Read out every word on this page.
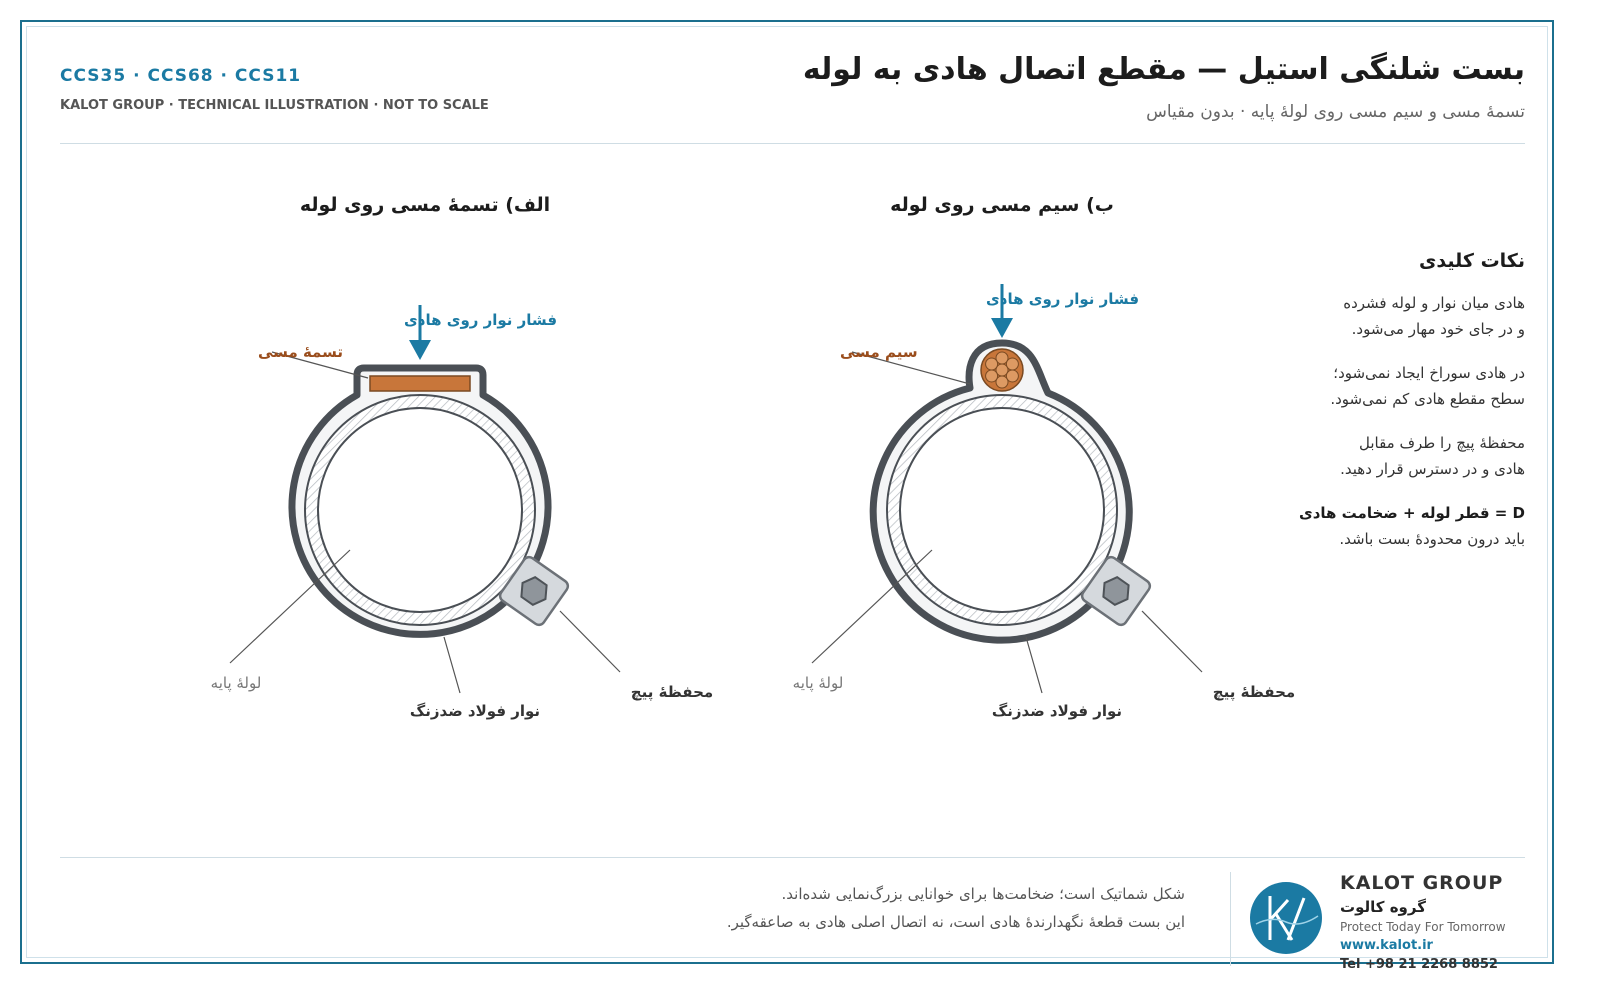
بست شلنگی استیل — مقطع اتصال هادی به لوله
تسمهٔ مسی و سیم مسی روی لولهٔ پایه · بدون مقیاس
CCS35 · CCS68 · CCS11
KALOT GROUP · TECHNICAL ILLUSTRATION · NOT TO SCALE
الف) تسمهٔ مسی روی لوله
فشار نوار روی هادی
تسمهٔ مسی
لولهٔ پایه
نوار فولاد ضدزنگ
محفظهٔ پیچ
ب) سیم مسی روی لوله
فشار نوار روی هادی
سیم مسی
لولهٔ پایه
نوار فولاد ضدزنگ
محفظهٔ پیچ
نکات کلیدی

هادی میان نوار و لوله فشرده
و در جای خود مهار می‌شود.

در هادی سوراخ ایجاد نمی‌شود؛
سطح مقطع هادی کم نمی‌شود.

محفظهٔ پیچ را طرف مقابل
هادی و در دسترس قرار دهید.

D = قطر لوله + ضخامت هادی
باید درون محدودهٔ بست باشد.

شکل شماتیک است؛ ضخامت‌ها برای خوانایی بزرگ‌نمایی شده‌اند.
این بست قطعهٔ نگهدارندهٔ هادی است، نه اتصال اصلی هادی به صاعقه‌گیر.
KALOT GROUP
گروه کالوت
Protect Today For Tomorrow
www.kalot.ir
Tel +98 21 2268 8852
